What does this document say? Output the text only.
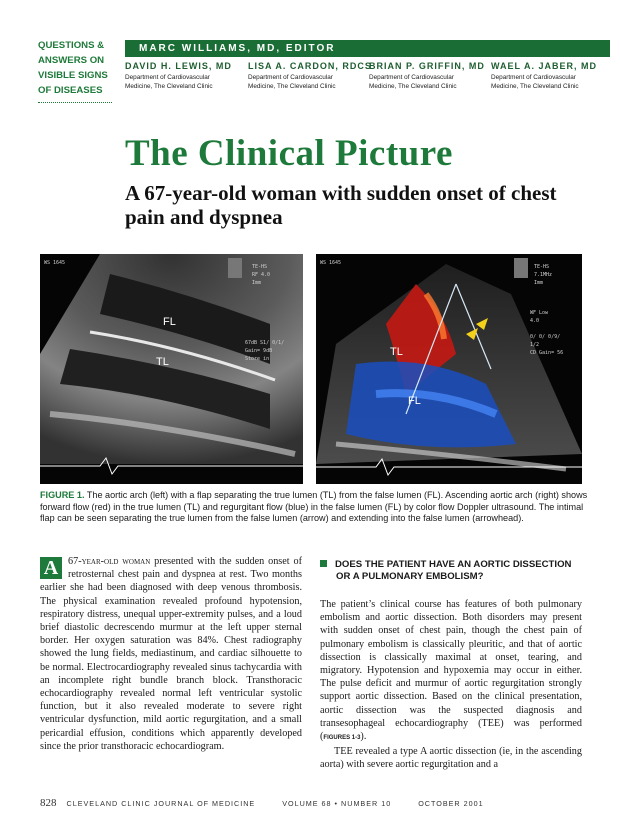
QUESTIONS &
ANSWERS ON
VISIBLE SIGNS
OF DISEASES
MARC WILLIAMS, MD, EDITOR
DAVID H. LEWIS, MD
Department of Cardiovascular
Medicine, The Cleveland Clinic
LISA A. CARDON, RDCS
Department of Cardiovascular
Medicine, The Cleveland Clinic
BRIAN P. GRIFFIN, MD
Department of Cardiovascular
Medicine, The Cleveland Clinic
WAEL A. JABER, MD
Department of Cardiovascular
Medicine, The Cleveland Clinic
The Clinical Picture
A 67-year-old woman with sudden onset of chest pain and dyspnea
WS 1645
TE-HS
RF 4.0
Imm
67dB S1/ 0/1/
Gain= 9dB
Store in
FL
TL
WS 1645
TE-HS
7.1MHz
Imm
WF Low
4.0
0/ 0/ 0/9/
1/2
CD Gain= 56
TL
FL
FIGURE 1. The aortic arch (left) with a flap separating the true lumen (TL) from the false lumen (FL). Ascending aortic arch (right) shows forward flow (red) in the true lumen (TL) and regurgitant flow (blue) in the false lumen (FL) by color flow Doppler ultrasound. The intimal flap can be seen separating the true lumen from the false lumen (arrow) and extending into the false lumen (arrowhead).
A 67-year-old woman presented with the sudden onset of retrosternal chest pain and dyspnea at rest. Two months earlier she had been diagnosed with deep venous thrombosis. The physical examination revealed profound hypotension, respiratory distress, unequal upper-extremity pulses, and a loud brief diastolic decrescendo murmur at the left upper sternal border. Her oxygen saturation was 84%. Chest radiography showed the lung fields, mediastinum, and cardiac silhouette to be normal. Electrocardiography revealed sinus tachycardia with an incomplete right bundle branch block. Transthoracic echocardiography revealed normal left ventricular systolic function, but it also revealed moderate to severe right ventricular dysfunction, mild aortic regurgitation, and a small pericardial effusion, conditions which apparently developed since the prior transthoracic echocardiogram.
DOES THE PATIENT HAVE AN AORTIC DISSECTION
OR A PULMONARY EMBOLISM?
The patient’s clinical course has features of both pulmonary embolism and aortic dissection. Both disorders may present with sudden onset of chest pain, though the chest pain of pulmonary embolism is classically pleuritic, and that of aortic dissection is classically maximal at onset, tearing, and migratory. Hypotension and hypoxemia may occur in either. The pulse deficit and murmur of aortic regurgitation strongly support aortic dissection. Based on the clinical presentation, aortic dissection was the suspected diagnosis and transesophageal echocardiography (TEE) was performed (FIGURES 1-3).
TEE revealed a type A aortic dissection (ie, in the ascending aorta) with severe aortic regurgitation and a
828 CLEVELAND CLINIC JOURNAL OF MEDICINE	VOLUME 68 • NUMBER 10	OCTOBER 2001
